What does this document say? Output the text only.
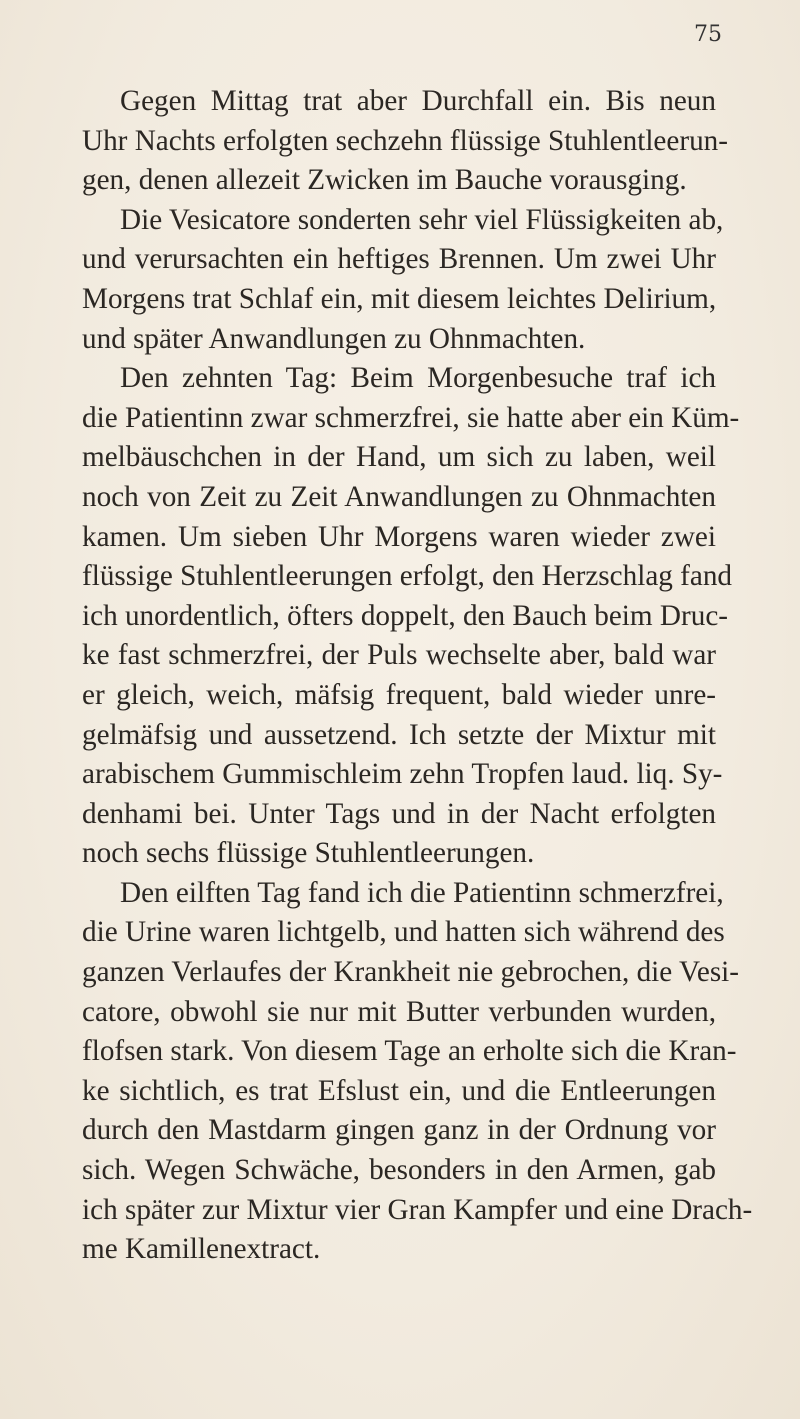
75
Gegen Mittag trat aber Durchfall ein. Bis neun
Uhr Nachts erfolgten sechzehn flüssige Stuhlentleerun-
gen, denen allezeit Zwicken im Bauche vorausging.
Die Vesicatore sonderten sehr viel Flüssigkeiten ab,
und verursachten ein heftiges Brennen. Um zwei Uhr
Morgens trat Schlaf ein, mit diesem leichtes Delirium,
und später Anwandlungen zu Ohnmachten.
Den zehnten Tag: Beim Morgenbesuche traf ich
die Patientinn zwar schmerzfrei, sie hatte aber ein Küm-
melbäuschchen in der Hand, um sich zu laben, weil
noch von Zeit zu Zeit Anwandlungen zu Ohnmachten
kamen. Um sieben Uhr Morgens waren wieder zwei
flüssige Stuhlentleerungen erfolgt, den Herzschlag fand
ich unordentlich, öfters doppelt, den Bauch beim Druc-
ke fast schmerzfrei, der Puls wechselte aber, bald war
er gleich, weich, mäfsig frequent, bald wieder unre-
gelmäfsig und aussetzend. Ich setzte der Mixtur mit
arabischem Gummischleim zehn Tropfen laud. liq. Sy-
denhami bei. Unter Tags und in der Nacht erfolgten
noch sechs flüssige Stuhlentleerungen.
Den eilften Tag fand ich die Patientinn schmerzfrei,
die Urine waren lichtgelb, und hatten sich während des
ganzen Verlaufes der Krankheit nie gebrochen, die Vesi-
catore, obwohl sie nur mit Butter verbunden wurden,
flofsen stark. Von diesem Tage an erholte sich die Kran-
ke sichtlich, es trat Efslust ein, und die Entleerungen
durch den Mastdarm gingen ganz in der Ordnung vor
sich. Wegen Schwäche, besonders in den Armen, gab
ich später zur Mixtur vier Gran Kampfer und eine Drach-
me Kamillenextract.
